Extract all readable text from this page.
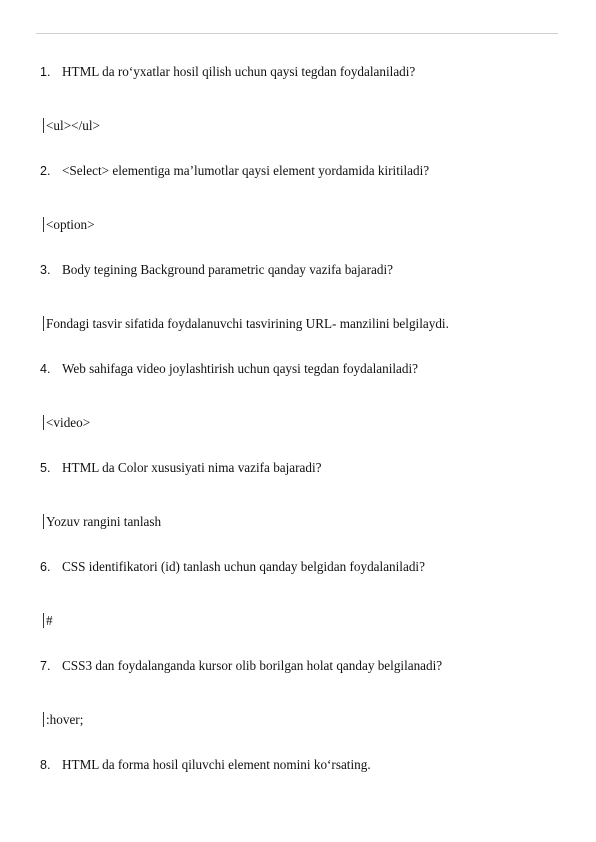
1. HTML da ro‘yxatlar hosil qilish uchun qaysi tegdan foydalaniladi?
<ul></ul>
2. <Select> elementiga ma’lumotlar qaysi element yordamida kiritiladi?
<option>
3. Body tegining Background parametric qanday vazifa bajaradi?
Fondagi tasvir sifatida foydalanuvchi tasvirining URL- manzilini belgilaydi.
4. Web sahifaga video joylashtirish uchun qaysi tegdan foydalaniladi?
<video>
5. HTML da Color xususiyati nima vazifa bajaradi?
Yozuv rangini tanlash
6. CSS identifikatori (id) tanlash uchun qanday belgidan foydalaniladi?
#
7. CSS3 dan foydalanganda kursor olib borilgan holat qanday belgilanadi?
:hover;
8. HTML da forma hosil qiluvchi element nomini ko‘rsating.
